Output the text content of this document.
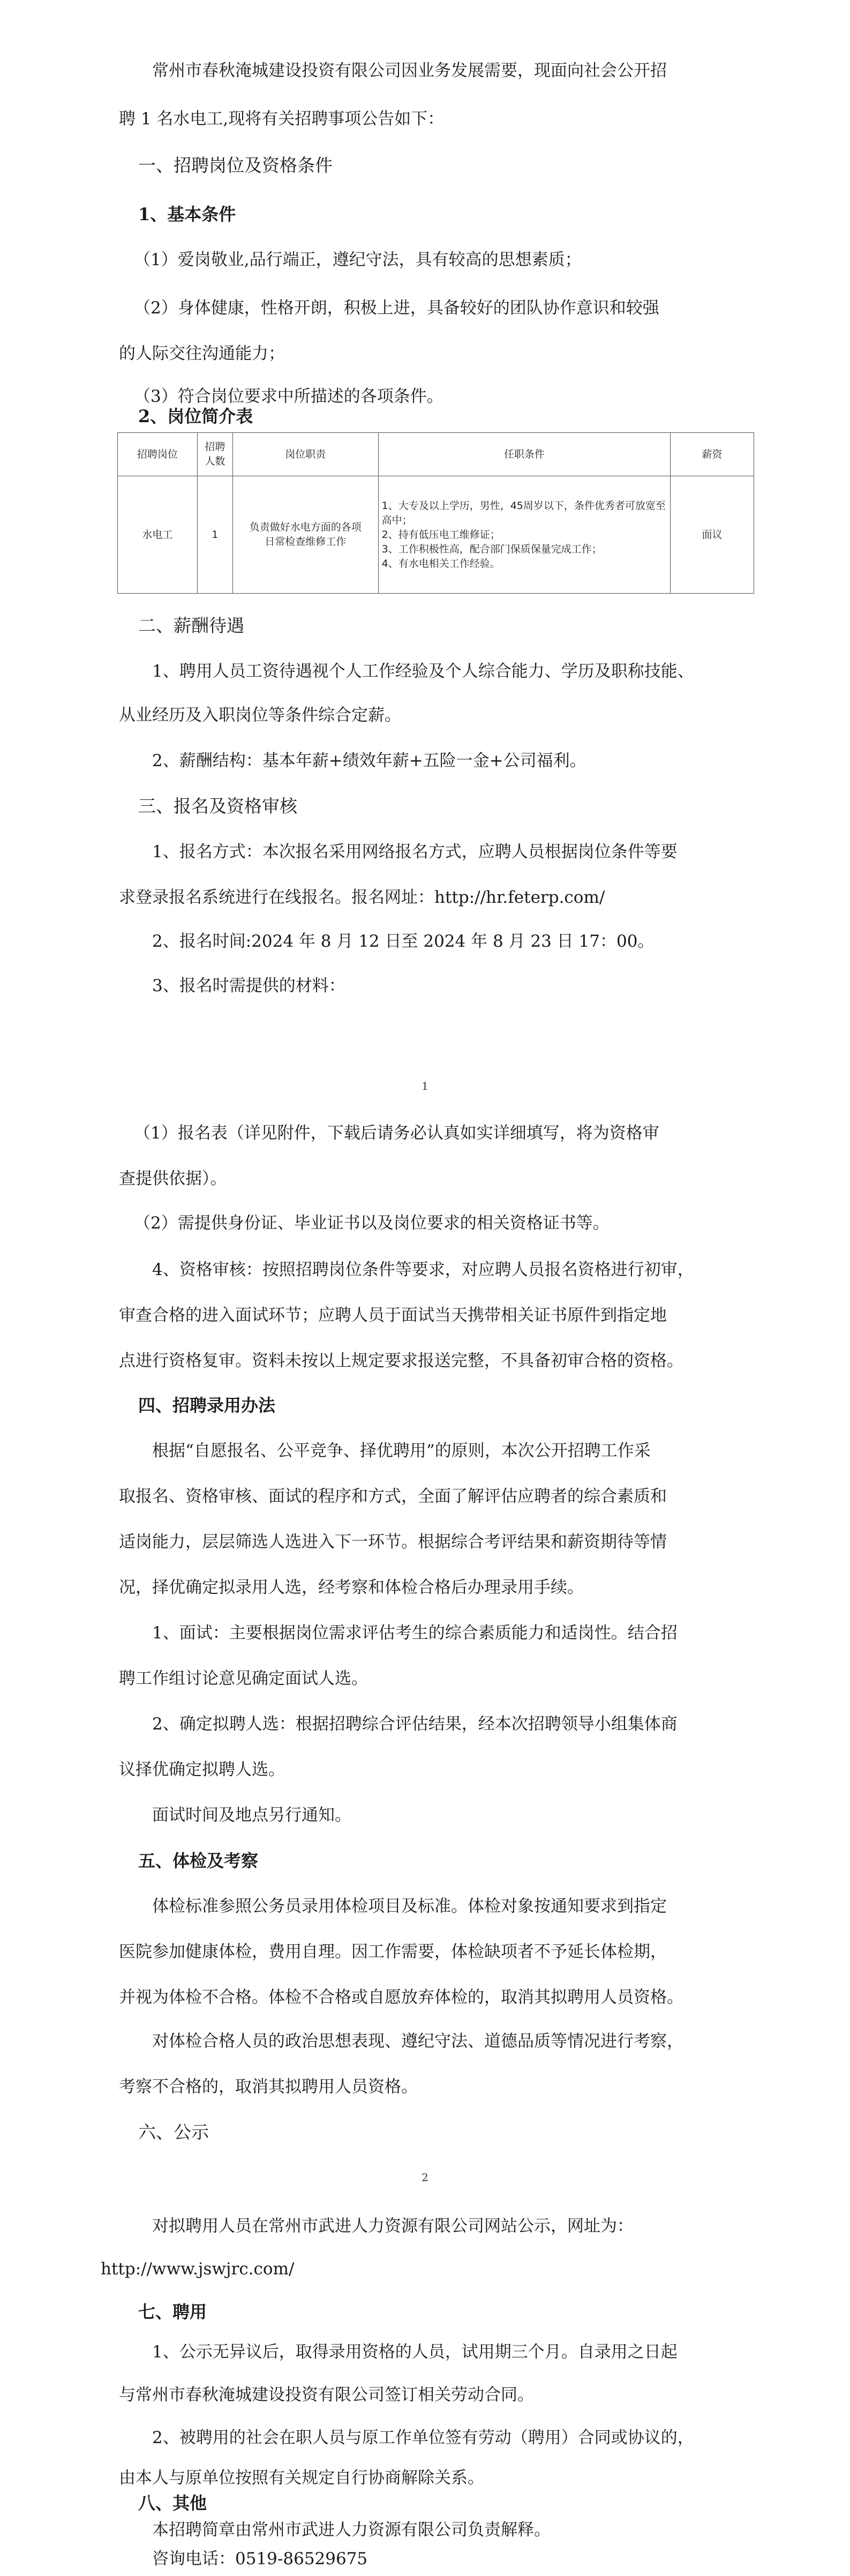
常州市春秋淹城建设投资有限公司因业务发展需要，现面向社会公开招

聘 1 名水电工,现将有关招聘事项公告如下：

一、招聘岗位及资格条件

1、基本条件

（1）爱岗敬业,品行端正，遵纪守法，具有较高的思想素质；

（2）身体健康，性格开朗，积极上进，具备较好的团队协作意识和较强

的人际交往沟通能力；

（3）符合岗位要求中所描述的各项条件。

2、岗位简介表

招聘岗位	招聘人数	岗位职责	任职条件	薪资
水电工	1	负责做好水电方面的各项日常检查维修工作	1、大专及以上学历，男性，45周岁以下，条件优秀者可放宽至高中；
2、持有低压电工维修证；
3、工作积极性高，配合部门保质保量完成工作；
4、有水电相关工作经验。	面议

二、薪酬待遇

1、聘用人员工资待遇视个人工作经验及个人综合能力、学历及职称技能、

从业经历及入职岗位等条件综合定薪。

2、薪酬结构：基本年薪+绩效年薪+五险一金+公司福利。

三、报名及资格审核

1、报名方式：本次报名采用网络报名方式，应聘人员根据岗位条件等要

求登录报名系统进行在线报名。报名网址：http://hr.feterp.com/

2、报名时间:2024 年 8 月 12 日至 2024 年 8 月 23 日 17：00。

3、报名时需提供的材料：

1

（1）报名表（详见附件，下载后请务必认真如实详细填写，将为资格审

查提供依据）。

（2）需提供身份证、毕业证书以及岗位要求的相关资格证书等。

4、资格审核：按照招聘岗位条件等要求，对应聘人员报名资格进行初审，

审查合格的进入面试环节；应聘人员于面试当天携带相关证书原件到指定地

点进行资格复审。资料未按以上规定要求报送完整，不具备初审合格的资格。

四、招聘录用办法

根据“自愿报名、公平竞争、择优聘用”的原则，本次公开招聘工作采

取报名、资格审核、面试的程序和方式，全面了解评估应聘者的综合素质和

适岗能力，层层筛选人选进入下一环节。根据综合考评结果和薪资期待等情

况，择优确定拟录用人选，经考察和体检合格后办理录用手续。

1、面试：主要根据岗位需求评估考生的综合素质能力和适岗性。结合招

聘工作组讨论意见确定面试人选。

2、确定拟聘人选：根据招聘综合评估结果，经本次招聘领导小组集体商

议择优确定拟聘人选。

面试时间及地点另行通知。

五、体检及考察

体检标准参照公务员录用体检项目及标准。体检对象按通知要求到指定

医院参加健康体检，费用自理。因工作需要，体检缺项者不予延长体检期，

并视为体检不合格。体检不合格或自愿放弃体检的，取消其拟聘用人员资格。

对体检合格人员的政治思想表现、遵纪守法、道德品质等情况进行考察，

考察不合格的，取消其拟聘用人员资格。

六、公示

2

对拟聘用人员在常州市武进人力资源有限公司网站公示，网址为：

http://www.jswjrc.com/

七、聘用

1、公示无异议后，取得录用资格的人员，试用期三个月。自录用之日起

与常州市春秋淹城建设投资有限公司签订相关劳动合同。

2、被聘用的社会在职人员与原工作单位签有劳动（聘用）合同或协议的，

由本人与原单位按照有关规定自行协商解除关系。

八、其他

本招聘简章由常州市武进人力资源有限公司负责解释。

咨询电话：0519-86529675
